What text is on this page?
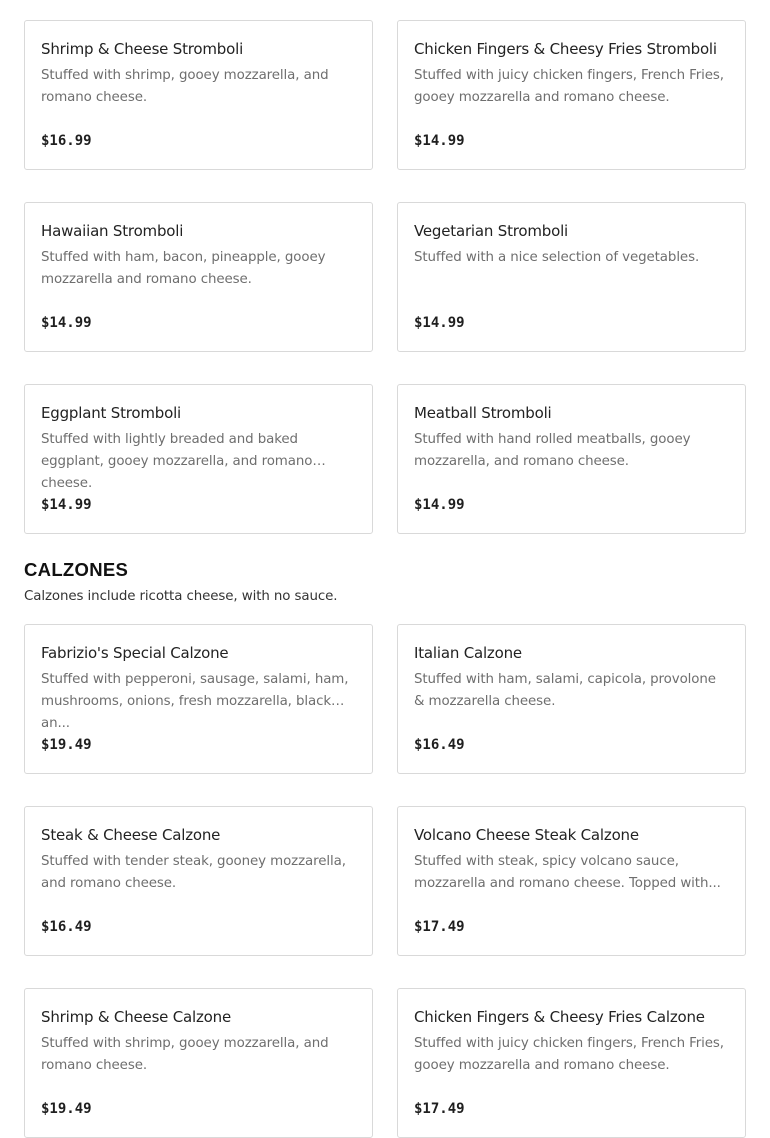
Shrimp & Cheese Stromboli
Stuffed with shrimp, gooey mozzarella, and romano cheese.
$16.99
Chicken Fingers & Cheesy Fries Stromboli
Stuffed with juicy chicken fingers, French Fries, gooey mozzarella and romano cheese.
$14.99
Hawaiian Stromboli
Stuffed with ham, bacon, pineapple, gooey mozzarella and romano cheese.
$14.99
Vegetarian Stromboli
Stuffed with a nice selection of vegetables.
$14.99
Eggplant Stromboli
Stuffed with lightly breaded and baked eggplant, gooey mozzarella, and romano cheese.
$14.99
Meatball Stromboli
Stuffed with hand rolled meatballs, gooey mozzarella, and romano cheese.
$14.99
CALZONES

Calzones include ricotta cheese, with no sauce.

Fabrizio's Special Calzone
Stuffed with pepperoni, sausage, salami, ham, mushrooms, onions, fresh mozzarella, black an...
$19.49
Italian Calzone
Stuffed with ham, salami, capicola, provolone & mozzarella cheese.
$16.49
Steak & Cheese Calzone
Stuffed with tender steak, gooney mozzarella, and romano cheese.
$16.49
Volcano Cheese Steak Calzone
Stuffed with steak, spicy volcano sauce, mozzarella and romano cheese. Topped with...
$17.49
Shrimp & Cheese Calzone
Stuffed with shrimp, gooey mozzarella, and romano cheese.
$19.49
Chicken Fingers & Cheesy Fries Calzone
Stuffed with juicy chicken fingers, French Fries, gooey mozzarella and romano cheese.
$17.49
